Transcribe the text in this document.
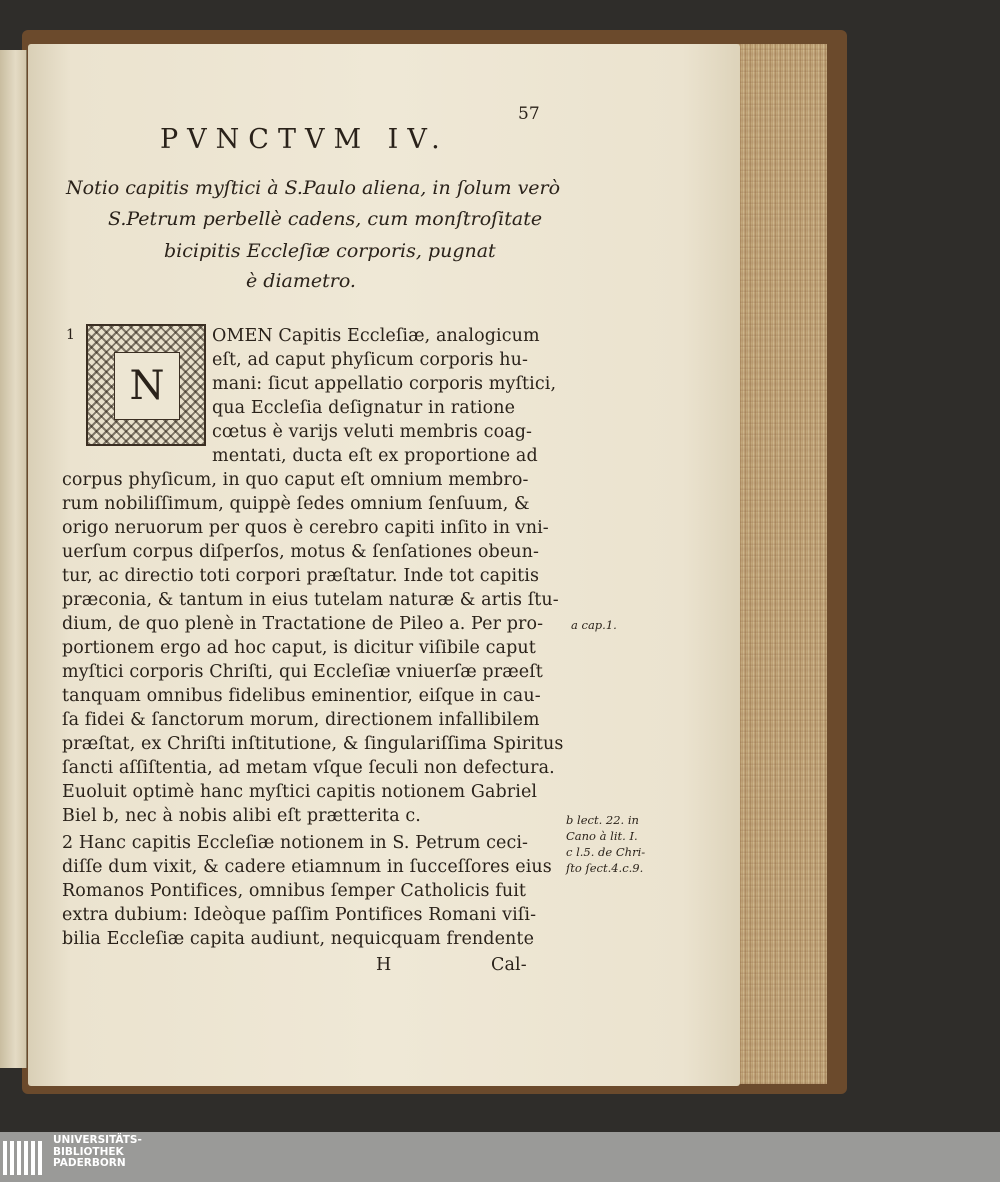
57
PVNCTVM IV.
Notio capitis myſtici à S.Paulo aliena, in ſolum verò
S.Petrum perbellè cadens, cum monſtroſitate
bicipitis Eccleſiæ corporis, pugnat
è diametro.
1
N
OMEN Capitis Eccleſiæ, analogicum
eſt, ad caput phyſicum corporis hu-
mani: ſicut appellatio corporis myſtici,
qua Eccleſia deſignatur in ratione
cœtus è varijs veluti membris coag-
mentati, ducta eſt ex proportione ad
corpus phyſicum, in quo caput eſt omnium membro-
rum nobiliſſimum, quippè ſedes omnium ſenſuum, &
origo neruorum per quos è cerebro capiti inſito in vni-
uerſum corpus diſperſos, motus & ſenſationes obeun-
tur, ac directio toti corpori præſtatur. Inde tot capitis
præconia, & tantum in eius tutelam naturæ & artis ſtu-
dium, de quo plenè in Tractatione de Pileo a. Per pro-
portionem ergo ad hoc caput, is dicitur viſibile caput
myſtici corporis Chriſti, qui Eccleſiæ vniuerſæ præeſt
tanquam omnibus fidelibus eminentior, eiſque in cau-
ſa fidei & ſanctorum morum, directionem infallibilem
præſtat, ex Chriſti inſtitutione, & ſingulariſſima Spiritus
ſancti aſſiſtentia, ad metam vſque ſeculi non defectura.
Euoluit optimè hanc myſtici capitis notionem Gabriel
Biel b, nec à nobis alibi eſt prætterita c.
2 Hanc capitis Eccleſiæ notionem in S. Petrum ceci-
diſſe dum vixit, & cadere etiamnum in ſucceſſores eius
Romanos Pontifices, omnibus ſemper Catholicis fuit
extra dubium: Ideòque paſſim Pontifices Romani viſi-
bilia Eccleſiæ capita audiunt, nequicquam frendente
H	Cal-
a cap.1.
b lect. 22. in
Cano à lit. I.
c l.5. de Chri-
ſto ſect.4.c.9.
UNIVERSITÄTS-
BIBLIOTHEK
PADERBORN
